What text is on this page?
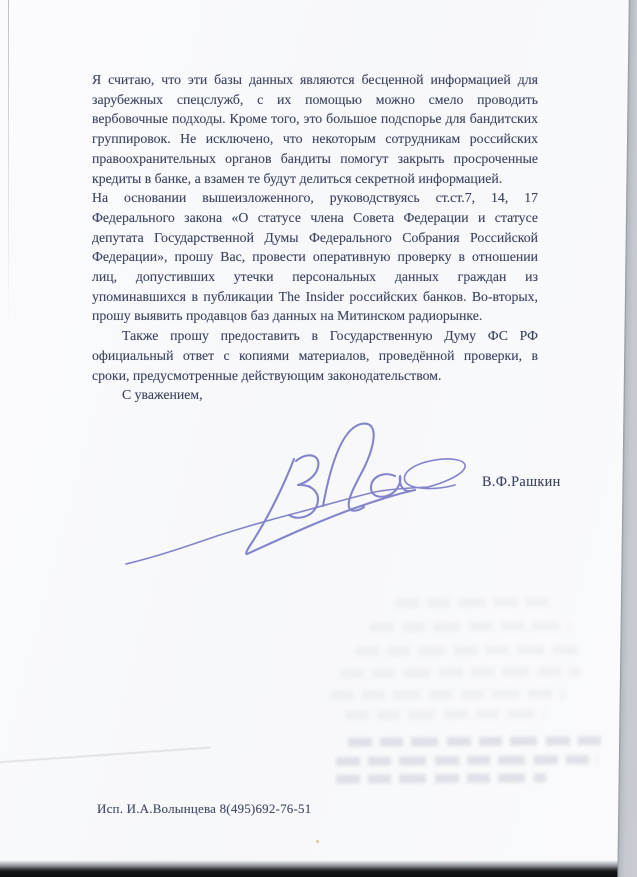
Я считаю, что эти базы данных являются бесценной информацией для
зарубежных спецслужб, с их помощью можно смело проводить
вербовочные подходы. Кроме того, это большое подспорье для бандитских
группировок. Не исключено, что некоторым сотрудникам российских
правоохранительных органов бандиты помогут закрыть просроченные
кредиты в банке, а взамен те будут делиться секретной информацией.
На основании вышеизложенного, руководствуясь ст.ст.7, 14, 17
Федерального закона «О статусе члена Совета Федерации и статусе
депутата Государственной Думы Федерального Собрания Российской
Федерации», прошу Вас, провести оперативную проверку в отношении
лиц, допустивших утечки персональных данных граждан из
упоминавшихся в публикации The Insider российских банков. Во-вторых,
прошу выявить продавцов баз данных на Митинском радиорынке.
Также прошу предоставить в Государственную Думу ФС РФ
официальный ответ с копиями материалов, проведённой проверки, в
сроки, предусмотренные действующим законодательством.
С уважением,
В.Ф.Рашкин
Исп. И.А.Волынцева 8(495)692-76-51
